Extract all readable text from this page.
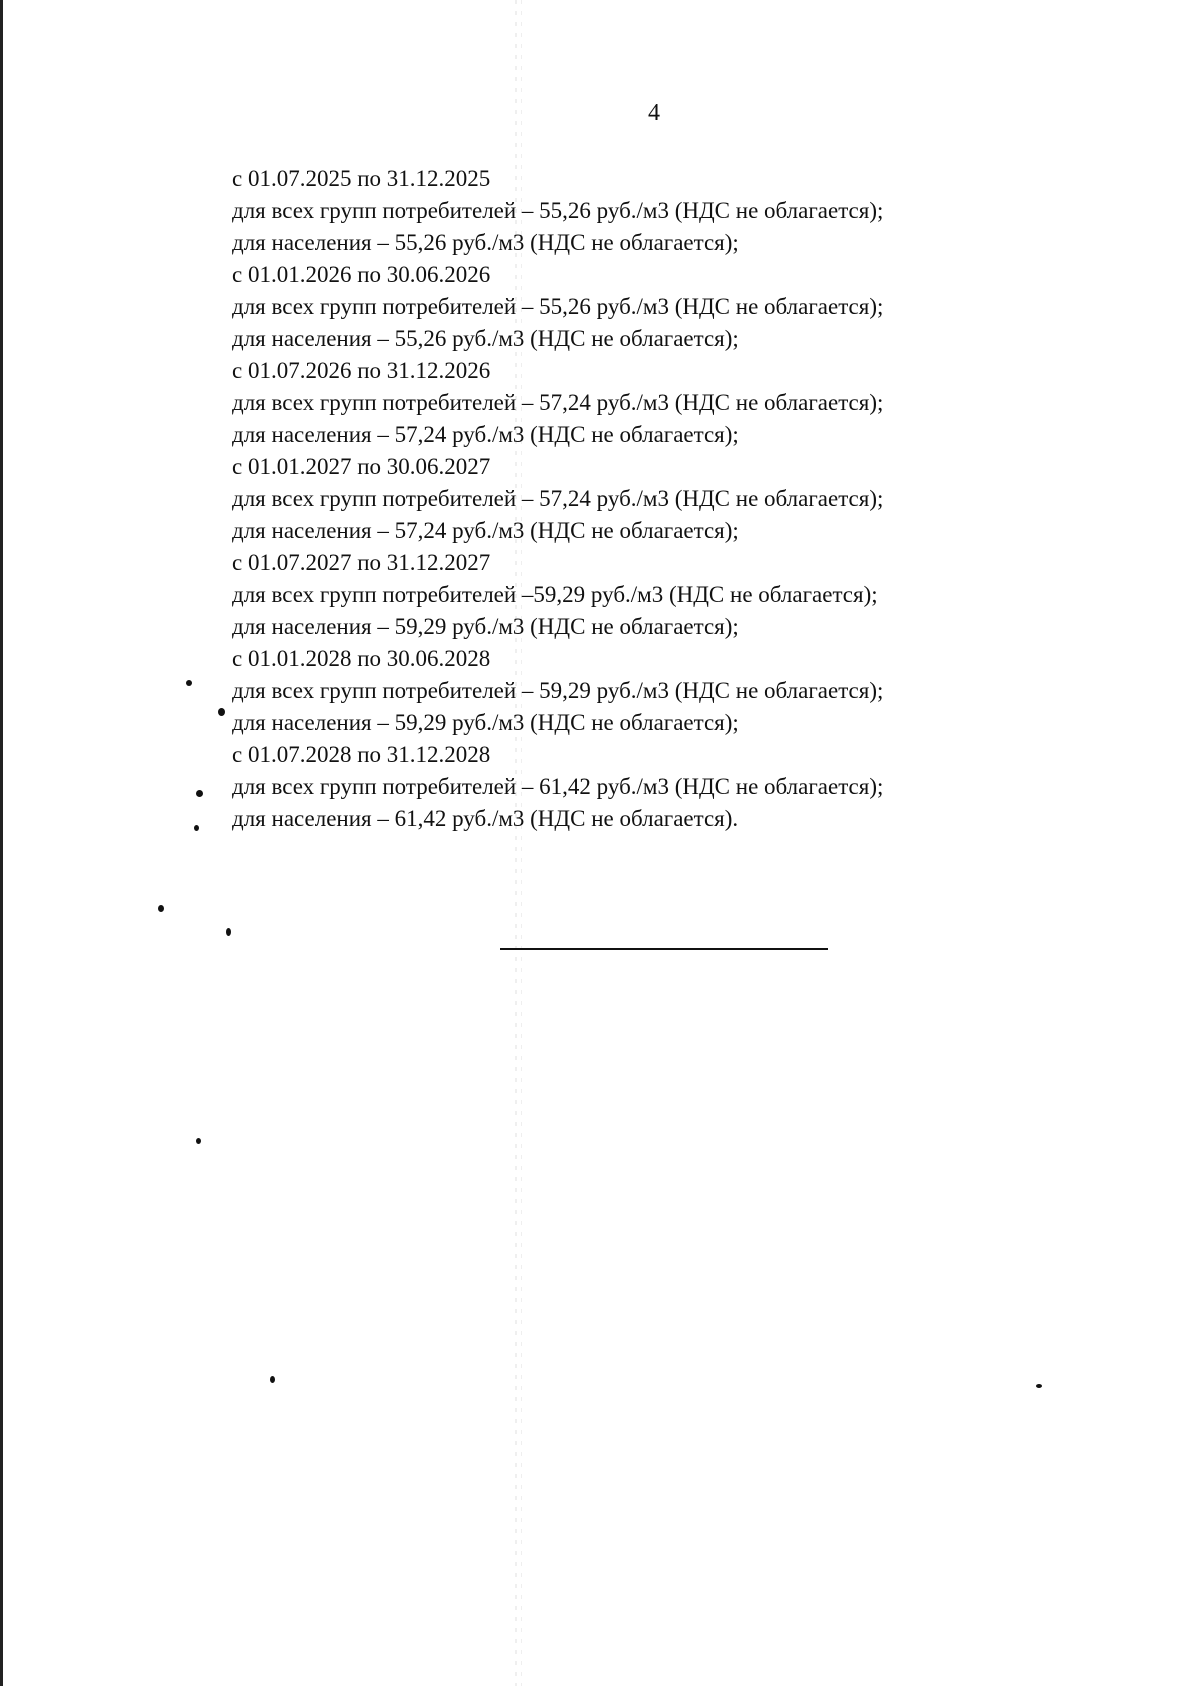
4
с 01.07.2025 по 31.12.2025
для всех групп потребителей – 55,26 руб./м3 (НДС не облагается);
для населения – 55,26 руб./м3 (НДС не облагается);
с 01.01.2026 по 30.06.2026
для всех групп потребителей – 55,26 руб./м3 (НДС не облагается);
для населения – 55,26 руб./м3 (НДС не облагается);
с 01.07.2026 по 31.12.2026
для всех групп потребителей – 57,24 руб./м3 (НДС не облагается);
для населения – 57,24 руб./м3 (НДС не облагается);
с 01.01.2027 по 30.06.2027
для всех групп потребителей – 57,24 руб./м3 (НДС не облагается);
для населения – 57,24 руб./м3 (НДС не облагается);
с 01.07.2027 по 31.12.2027
для всех групп потребителей –59,29 руб./м3 (НДС не облагается);
для населения – 59,29 руб./м3 (НДС не облагается);
с 01.01.2028 по 30.06.2028
для всех групп потребителей – 59,29 руб./м3 (НДС не облагается);
для населения – 59,29 руб./м3 (НДС не облагается);
с 01.07.2028 по 31.12.2028
для всех групп потребителей – 61,42 руб./м3 (НДС не облагается);
для населения – 61,42 руб./м3 (НДС не облагается).
